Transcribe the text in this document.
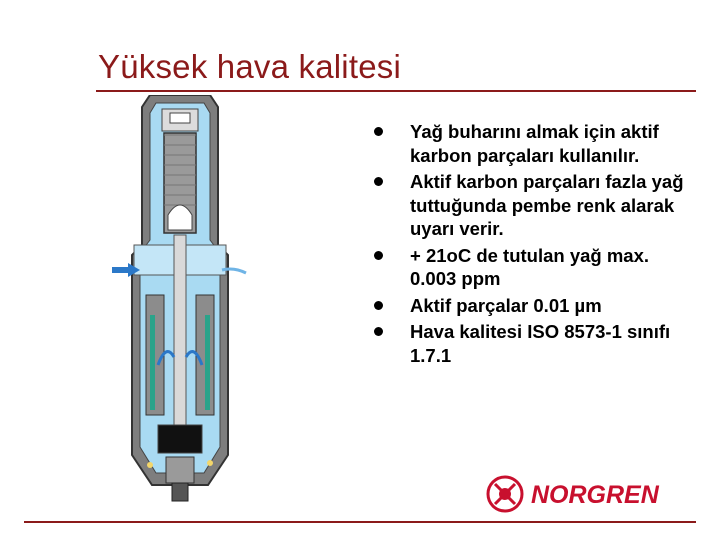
Yüksek hava kalitesi
Yağ buharını almak için aktif karbon parçaları kullanılır.
Aktif karbon parçaları fazla yağ tuttuğunda pembe renk alarak uyarı verir.
+ 21oC de tutulan yağ max. 0.003 ppm
Aktif parçalar 0.01 µm
Hava kalitesi ISO 8573-1 sınıfı 1.7.1
NORGREN
